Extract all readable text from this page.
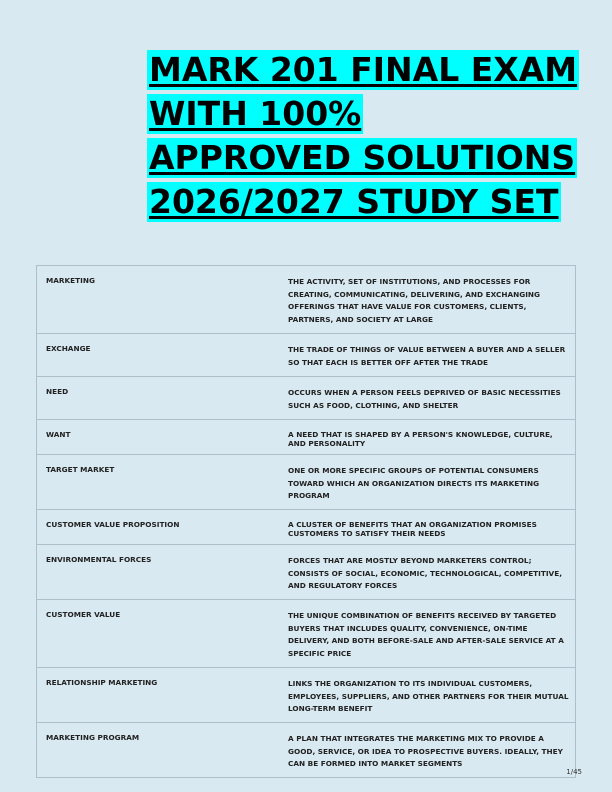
MARK 201 FINAL EXAM
WITH 100%
APPROVED SOLUTIONS
2026/2027 STUDY SET
MARKETING	THE ACTIVITY, SET OF INSTITUTIONS, AND PROCESSES FOR CREATING, COMMUNICATING, DELIVERING, AND EXCHANGING OFFERINGS THAT HAVE VALUE FOR CUSTOMERS, CLIENTS, PARTNERS, AND SOCIETY AT LARGE
EXCHANGE	THE TRADE OF THINGS OF VALUE BETWEEN A BUYER AND A SELLER SO THAT EACH IS BETTER OFF AFTER THE TRADE
NEED	OCCURS WHEN A PERSON FEELS DEPRIVED OF BASIC NECESSITIES SUCH AS FOOD, CLOTHING, AND SHELTER
WANT	A NEED THAT IS SHAPED BY A PERSON'S KNOWLEDGE, CULTURE, AND PERSONALITY
TARGET MARKET	ONE OR MORE SPECIFIC GROUPS OF POTENTIAL CONSUMERS TOWARD WHICH AN ORGANIZATION DIRECTS ITS MARKETING PROGRAM
CUSTOMER VALUE PROPOSITION	A CLUSTER OF BENEFITS THAT AN ORGANIZATION PROMISES CUSTOMERS TO SATISFY THEIR NEEDS
ENVIRONMENTAL FORCES	FORCES THAT ARE MOSTLY BEYOND MARKETERS CONTROL; CONSISTS OF SOCIAL, ECONOMIC, TECHNOLOGICAL, COMPETITIVE, AND REGULATORY FORCES
CUSTOMER VALUE	THE UNIQUE COMBINATION OF BENEFITS RECEIVED BY TARGETED BUYERS THAT INCLUDES QUALITY, CONVENIENCE, ON-TIME DELIVERY, AND BOTH BEFORE-SALE AND AFTER-SALE SERVICE AT A SPECIFIC PRICE
RELATIONSHIP MARKETING	LINKS THE ORGANIZATION TO ITS INDIVIDUAL CUSTOMERS, EMPLOYEES, SUPPLIERS, AND OTHER PARTNERS FOR THEIR MUTUAL LONG-TERM BENEFIT
MARKETING PROGRAM	A PLAN THAT INTEGRATES THE MARKETING MIX TO PROVIDE A GOOD, SERVICE, OR IDEA TO PROSPECTIVE BUYERS. IDEALLY, THEY CAN BE FORMED INTO MARKET SEGMENTS
1/45
